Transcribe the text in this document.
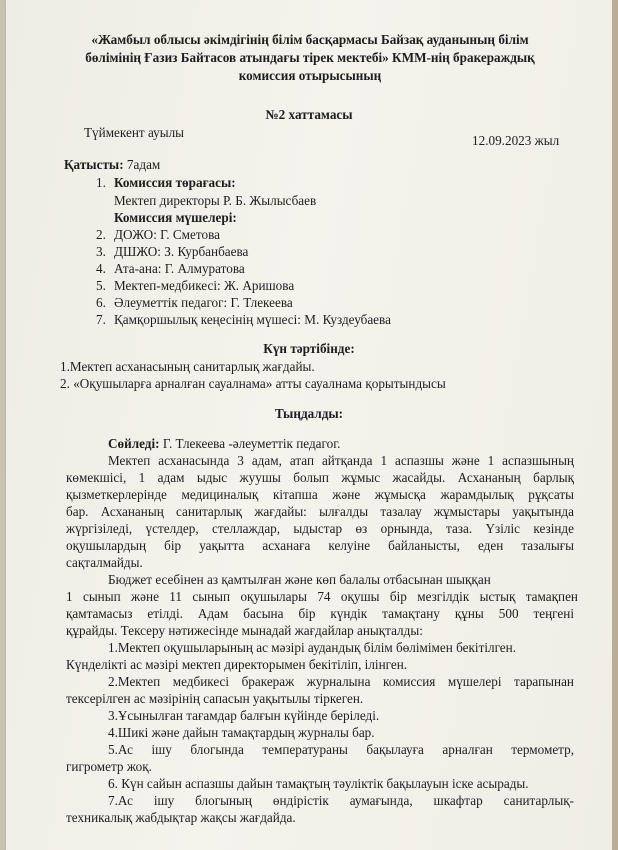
«Жамбыл облысы әкімдігінің білім басқармасы Байзақ ауданының білім
бөлімінің Ғазиз Байтасов атындағы тірек мектебі» КММ-нің бракераждық
комиссия отырысының
№2 хаттамасы
Түймекент ауылы
12.09.2023 жыл
Қатысты: 7адам
1. Комиссия төрағасы:
Мектеп директоры Р. Б. Жылысбаев
Комиссия мүшелері:
2. ДОЖО: Г. Сметова
3. ДШЖО: З. Курбанбаева
4. Ата-ана: Г. Алмуратова
5. Мектеп-медбикесі: Ж. Аришова
6. Әлеуметтік педагог: Г. Тлекеева
7. Қамқоршылық кеңесінің мүшесі: М. Куздеубаева
Күн тәртібінде:
1.Мектеп асханасының санитарлық жағдайы.
2. «Оқушыларға арналған сауалнама» атты сауалнама қорытындысы
Тыңдалды:
Сөйледі: Г. Тлекеева -әлеуметтік педагог.
Мектеп асханасында 3 адам, атап айтқанда 1 аспазшы және 1 аспазшының
көмекшісі, 1 адам ыдыс жуушы болып жұмыс жасайды. Асхананың барлық
қызметкерлерінде медициналық кітапша және жұмысқа жарамдылық рұқсаты
бар. Асхананың санитарлық жағдайы: ылғалды тазалау жұмыстары уақытында
жүргізіледі, үстелдер, стеллаждар, ыдыстар өз орнында, таза. Үзіліс кезінде
оқушылардың бір уақытта асханаға келуіне байланысты, еден тазалығы
сақталмайды.
Бюджет есебінен аз қамтылған және көп балалы отбасынан шыққан
1 сынып және 11 сынып оқушылары 74 оқушы бір мезгілдік ыстық тамақпен
қамтамасыз етілді. Адам басына бір күндік тамақтану құны 500 теңгені
құрайды. Тексеру нәтижесінде мынадай жағдайлар анықталды:
1.Мектеп оқушыларының ас мәзірі аудандық білім бөлімімен бекітілген.
Күнделікті ас мәзірі мектеп директорымен бекітіліп, ілінген.
2.Мектеп медбикесі бракераж журналына комиссия мүшелері тарапынан
тексерілген ас мәзірінің сапасын уақытылы тіркеген.
3.Ұсынылған тағамдар балғын күйінде беріледі.
4.Шикі және дайын тамақтардың журналы бар.
5.Ас ішу блогында температураны бақылауға арналған термометр,
гигрометр жоқ.
6. Күн сайын аспазшы дайын тамақтың тәуліктік бақылауын іске асырады.
7.Ас ішу блогының өндірістік аумағында, шкафтар санитарлық-
техникалық жабдықтар жақсы жағдайда.
